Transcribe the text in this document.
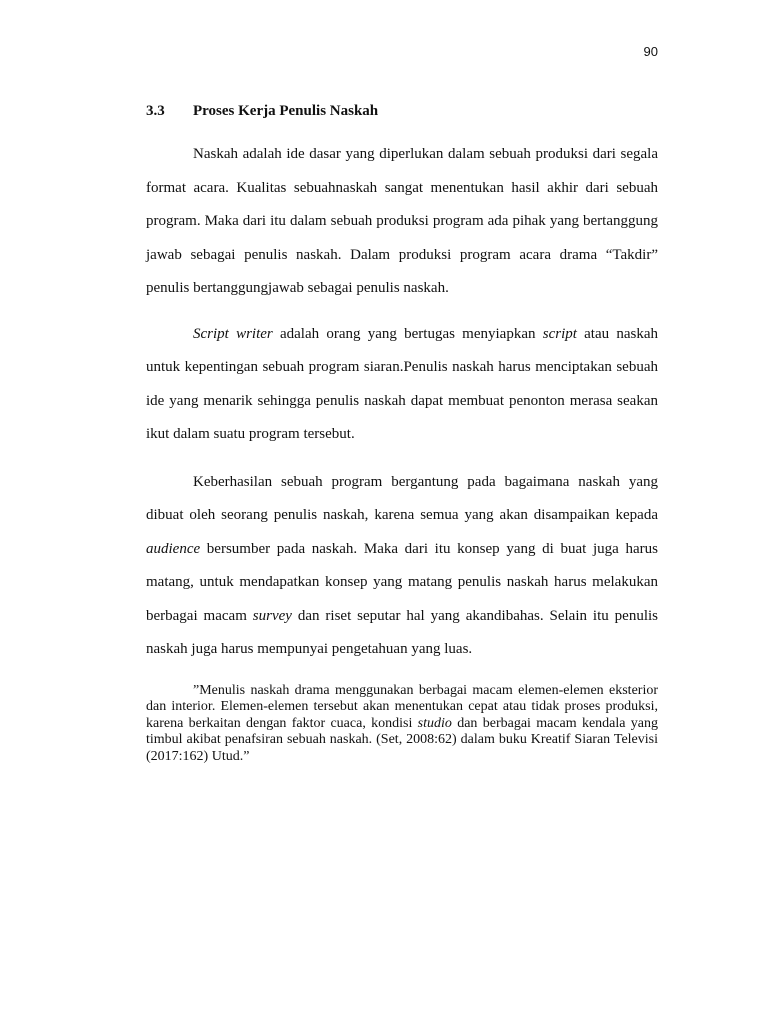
90

3.3	Proses Kerja Penulis Naskah

Naskah adalah ide dasar yang diperlukan dalam sebuah produksi dari segala format acara. Kualitas sebuahnaskah sangat menentukan hasil akhir dari sebuah program. Maka dari itu dalam sebuah produksi program ada pihak yang bertanggung jawab sebagai penulis naskah. Dalam produksi program acara drama “Takdir” penulis bertanggungjawab sebagai penulis naskah.

Script writer adalah orang yang bertugas menyiapkan script atau naskah untuk kepentingan sebuah program siaran.Penulis naskah harus menciptakan sebuah ide yang menarik sehingga penulis naskah dapat membuat penonton merasa seakan ikut dalam suatu program tersebut.

Keberhasilan sebuah program bergantung pada bagaimana naskah yang dibuat oleh seorang penulis naskah, karena semua yang akan disampaikan kepada audience bersumber pada naskah. Maka dari itu konsep yang di buat juga harus matang, untuk mendapatkan konsep yang matang penulis naskah harus melakukan berbagai macam survey dan riset seputar hal yang akandibahas. Selain itu penulis naskah juga harus mempunyai pengetahuan yang luas.

”Menulis naskah drama menggunakan berbagai macam elemen-elemen eksterior dan interior. Elemen-elemen tersebut akan menentukan cepat atau tidak proses produksi, karena berkaitan dengan faktor cuaca, kondisi studio dan berbagai macam kendala yang timbul akibat penafsiran sebuah naskah. (Set, 2008:62) dalam buku Kreatif Siaran Televisi (2017:162) Utud.”
